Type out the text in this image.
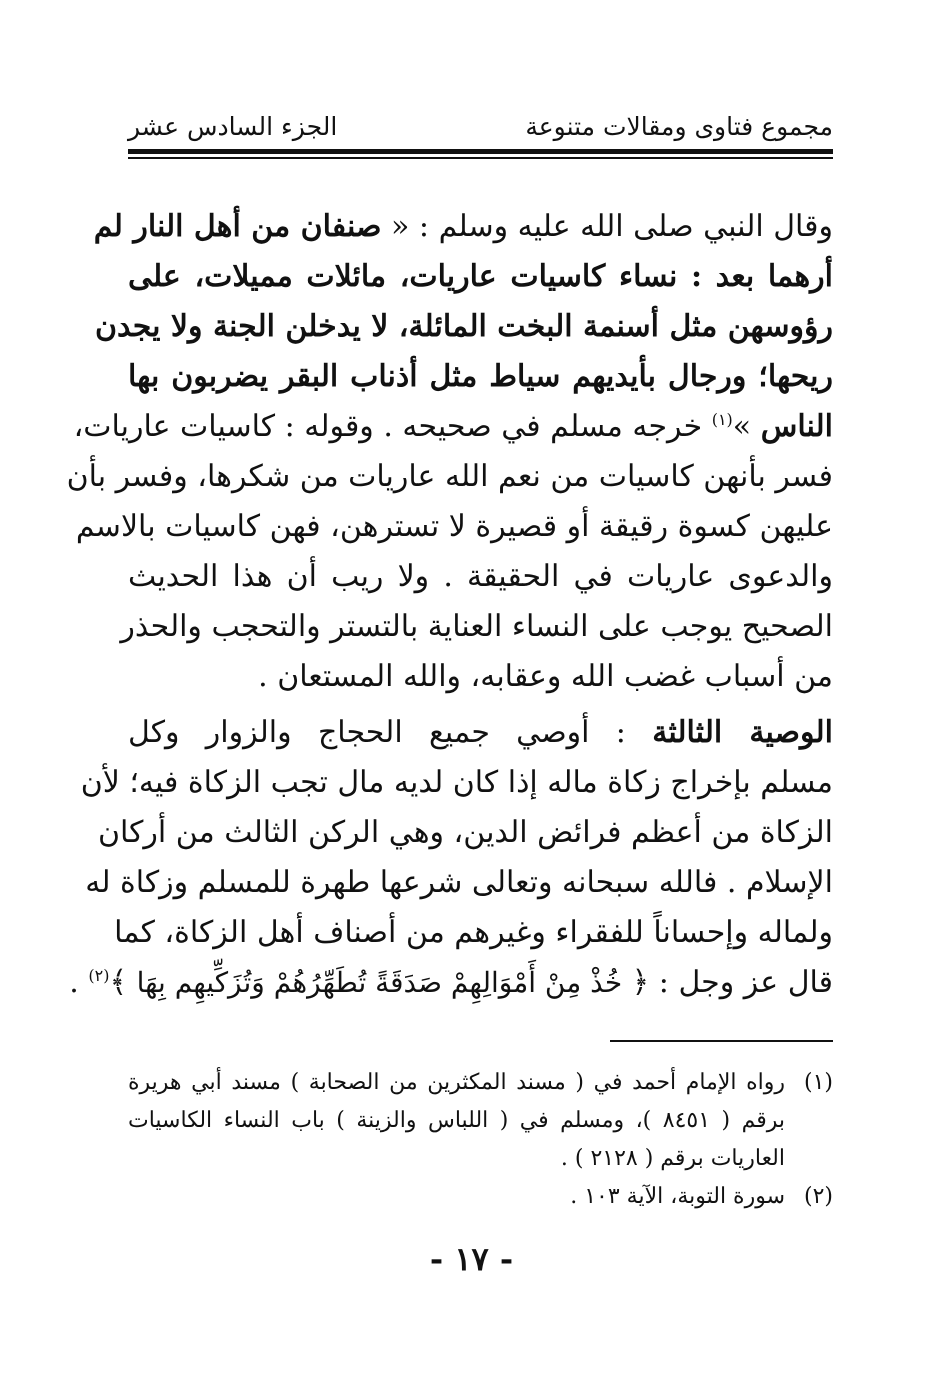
مجموع فتاوى ومقالات متنوعة
الجزء السادس عشر
وقال النبي صلى الله عليه وسلم : « صنفان من أهل النار لم
أرهما بعد : نساء كاسيات عاريات، مائلات مميلات، على
رؤوسهن مثل أسنمة البخت المائلة، لا يدخلن الجنة ولا يجدن
ريحها؛ ورجال بأيديهم سياط مثل أذناب البقر يضربون بها
الناس »$^{(١)}$ خرجه مسلم في صحيحه . وقوله : كاسيات عاريات،
فسر بأنهن كاسيات من نعم الله عاريات من شكرها، وفسر بأن
عليهن كسوة رقيقة أو قصيرة لا تسترهن، فهن كاسيات بالاسم
والدعوى عاريات في الحقيقة . ولا ريب أن هذا الحديث
الصحيح يوجب على النساء العناية بالتستر والتحجب والحذر
من أسباب غضب الله وعقابه، والله المستعان .
الوصية الثالثة : أوصي جميع الحجاج والزوار وكل
مسلم بإخراج زكاة ماله إذا كان لديه مال تجب الزكاة فيه؛ لأن
الزكاة من أعظم فرائض الدين، وهي الركن الثالث من أركان
الإسلام . فالله سبحانه وتعالى شرعها طهرة للمسلم وزكاة له
ولماله وإحساناً للفقراء وغيرهم من أصناف أهل الزكاة، كما
قال عز وجل : ﴿ خُذْ مِنْ أَمْوَالِهِمْ صَدَقَةً تُطَهِّرُهُمْ وَتُزَكِّيهِم بِهَا ﴾$^{(٢)}$ .
(١)
رواه الإمام أحمد في ( مسند المكثرين من الصحابة ) مسند أبي هريرة
برقم ( ٨٤٥١ )، ومسلم في ( اللباس والزينة ) باب النساء الكاسيات
العاريات برقم ( ٢١٢٨ ) .
(٢)
سورة التوبة، الآية ١٠٣ .
- ١٧ -
